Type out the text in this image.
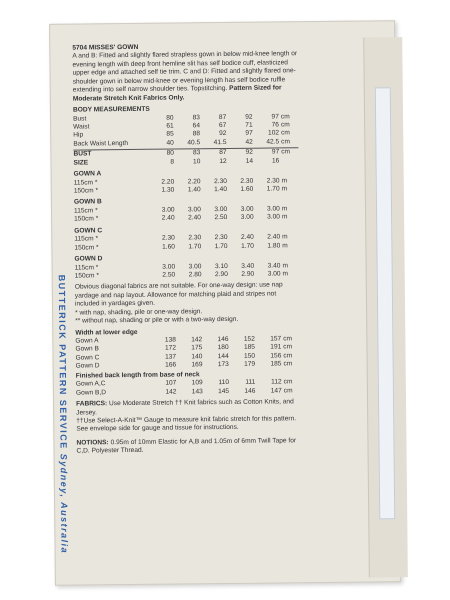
BUTTERICK PATTERN SERVICE Sydney, Australia
5704 MISSES' GOWN
A and B: Fitted and slightly flared strapless gown in below mid-knee length or evening length with deep front hemline slit has self bodice cuff, elasticized upper edge and attached self tie trim. C and D: Fitted and slightly flared one-shoulder gown in below mid-knee or evening length has self bodice ruffle extending into self narrow shoulder ties. Topstitching. Pattern Sized for Moderate Stretch Knit Fabrics Only.
BODY MEASUREMENTS
Bust	80	83	87	92	97	cm
Waist	61	64	67	71	76	cm
Hip	85	88	92	97	102	cm
Back Waist Length	40	40.5	41.5	42	42.5	cm
BUST	80	83	87	92	97	cm
SIZE	8	10	12	14	16	
GOWN A
115cm *	2.20	2.20	2.30	2.30	2.30	m
150cm *	1.30	1.40	1.40	1.60	1.70	m
GOWN B
115cm *	3.00	3.00	3.00	3.00	3.00	m
150cm *	2.40	2.40	2.50	3.00	3.00	m
GOWN C
115cm *	2.30	2.30	2.30	2.40	2.40	m
150cm *	1.60	1.70	1.70	1.70	1.80	m
GOWN D
115cm *	3.00	3.00	3.10	3.40	3.40	m
150cm *	2.50	2.80	2.90	2.90	3.00	m
Obvious diagonal fabrics are not suitable. For one-way design: use nap yardage and nap layout. Allowance for matching plaid and stripes not included in yardages given.
* with nap, shading, pile or one-way design.
** without nap, shading or pile or with a two-way design.
Width at lower edge
Gown A	138	142	146	152	157	cm
Gown B	172	175	180	185	191	cm
Gown C	137	140	144	150	156	cm
Gown D	166	169	173	179	185	cm
Finished back length from base of neck
Gown A,C	107	109	110	111	112	cm
Gown B,D	142	143	145	146	147	cm
FABRICS: Use Moderate Stretch †† Knit fabrics such as Cotton Knits, and Jersey.
††Use Select-A-Knit™ Gauge to measure knit fabric stretch for this pattern. See envelope side for gauge and tissue for instructions.
NOTIONS: 0.95m of 10mm Elastic for A,B and 1.05m of 6mm Twill Tape for C,D. Polyester Thread.
